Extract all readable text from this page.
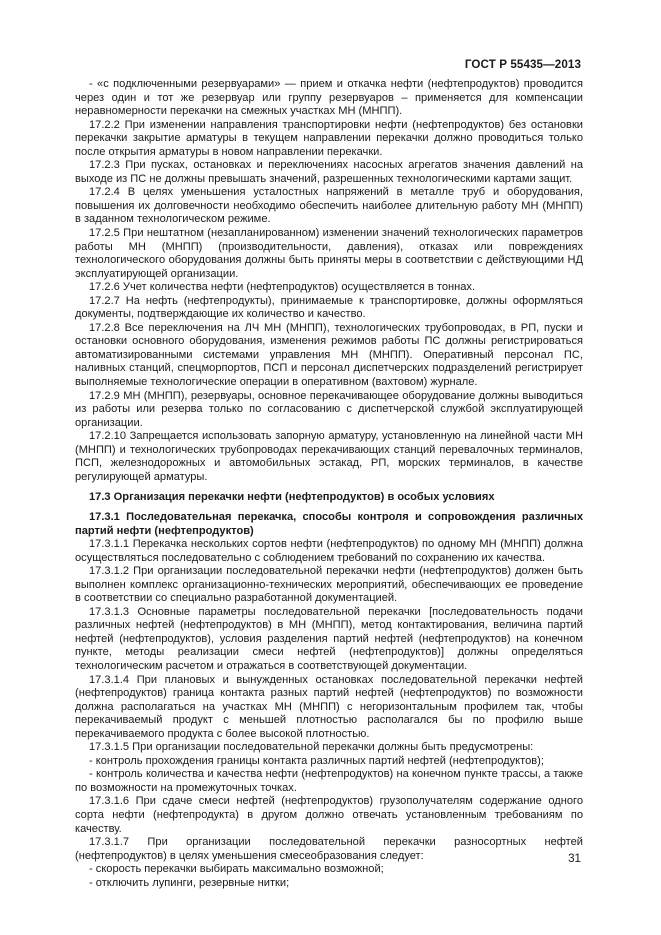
ГОСТ Р 55435—2013

- «с подключенными резервуарами» — прием и откачка нефти (нефтепродуктов) проводится через один и тот же резервуар или группу резервуаров – применяется для компенсации неравномерности перекачки на смежных участках МН (МНПП).

17.2.2 При изменении направления транспортировки нефти (нефтепродуктов) без остановки перекачки закрытие арматуры в текущем направлении перекачки должно проводиться только после открытия арматуры в новом направлении перекачки.

17.2.3 При пусках, остановках и переключениях насосных агрегатов значения давлений на выходе из ПС не должны превышать значений, разрешенных технологическими картами защит.

17.2.4 В целях уменьшения усталостных напряжений в металле труб и оборудования, повышения их долговечности необходимо обеспечить наиболее длительную работу МН (МНПП) в заданном технологическом режиме.

17.2.5 При нештатном (незапланированном) изменении значений технологических параметров работы МН (МНПП) (производительности, давления), отказах или повреждениях технологического оборудования должны быть приняты меры в соответствии с действующими НД эксплуатирующей организации.

17.2.6 Учет количества нефти (нефтепродуктов) осуществляется в тоннах.

17.2.7 На нефть (нефтепродукты), принимаемые к транспортировке, должны оформляться документы, подтверждающие их количество и качество.

17.2.8 Все переключения на ЛЧ МН (МНПП), технологических трубопроводах, в РП, пуски и остановки основного оборудования, изменения режимов работы ПС должны регистрироваться автоматизированными системами управления МН (МНПП). Оперативный персонал ПС, наливных станций, спецморпортов, ПСП и персонал диспетчерских подразделений регистрирует выполняемые технологические операции в оперативном (вахтовом) журнале.

17.2.9 МН (МНПП), резервуары, основное перекачивающее оборудование должны выводиться из работы или резерва только по согласованию с диспетчерской службой эксплуатирующей организации.

17.2.10 Запрещается использовать запорную арматуру, установленную на линейной части МН (МНПП) и технологических трубопроводах перекачивающих станций перевалочных терминалов, ПСП, железнодорожных и автомобильных эстакад, РП, морских терминалов, в качестве регулирующей арматуры.

17.3 Организация перекачки нефти (нефтепродуктов) в особых условиях
17.3.1 Последовательная перекачка, способы контроля и сопровождения различных партий нефти (нефтепродуктов)

17.3.1.1 Перекачка нескольких сортов нефти (нефтепродуктов) по одному МН (МНПП) должна осуществляться последовательно с соблюдением требований по сохранению их качества.

17.3.1.2 При организации последовательной перекачки нефти (нефтепродуктов) должен быть выполнен комплекс организационно-технических мероприятий, обеспечивающих ее проведение в соответствии со специально разработанной документацией.

17.3.1.3 Основные параметры последовательной перекачки [последовательность подачи различных нефтей (нефтепродуктов) в МН (МНПП), метод контактирования, величина партий нефтей (нефтепродуктов), условия разделения партий нефтей (нефтепродуктов) на конечном пункте, методы реализации смеси нефтей (нефтепродуктов)] должны определяться технологическим расчетом и отражаться в соответствующей документации.

17.3.1.4 При плановых и вынужденных остановках последовательной перекачки нефтей (нефтепродуктов) граница контакта разных партий нефтей (нефтепродуктов) по возможности должна располагаться на участках МН (МНПП) с негоризонтальным профилем так, чтобы перекачиваемый продукт с меньшей плотностью располагался бы по профилю выше перекачиваемого продукта с более высокой плотностью.

17.3.1.5 При организации последовательной перекачки должны быть предусмотрены:

- контроль прохождения границы контакта различных партий нефтей (нефтепродуктов);

- контроль количества и качества нефти (нефтепродуктов) на конечном пункте трассы, а также по возможности на промежуточных точках.

17.3.1.6 При сдаче смеси нефтей (нефтепродуктов) грузополучателям содержание одного сорта нефти (нефтепродукта) в другом должно отвечать установленным требованиям по качеству.

17.3.1.7 При организации последовательной перекачки разносортных нефтей (нефтепродуктов) в целях уменьшения смесеобразования следует:

- скорость перекачки выбирать максимально возможной;

- отключить лупинги, резервные нитки;

31
